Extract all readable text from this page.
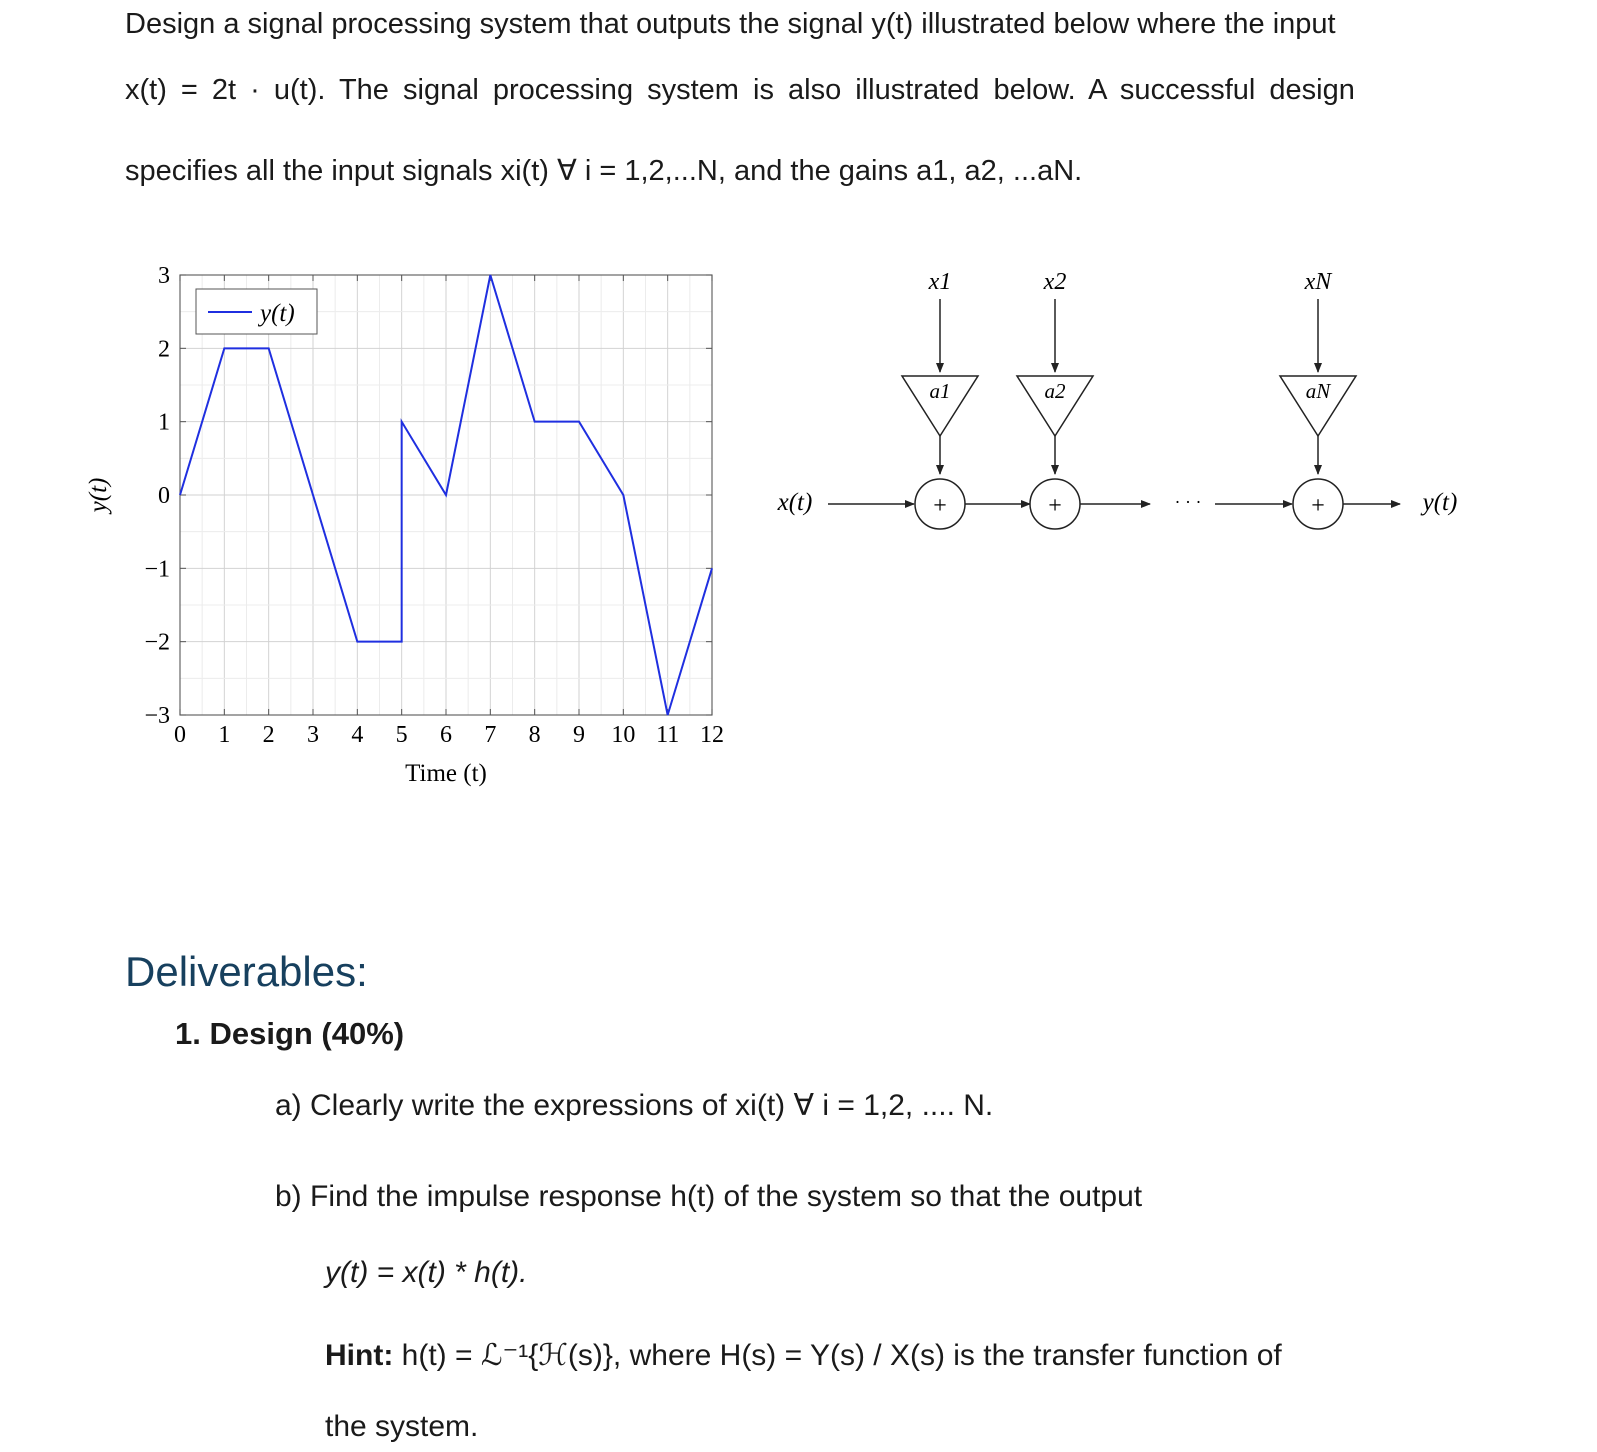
Design a signal processing system that outputs the signal y(t) illustrated below where the input
x(t) = 2t · u(t). The signal processing system is also illustrated below. A successful design
specifies all the input signals xi(t) ∀ i = 1,2,...N, and the gains a1, a2, ...aN.
0 1 2 3 4 5 6 7 8 9 10 11 12
−3
−2
−1
0
1
2
3
y(t)
Time (t)
y(t)	x(t)	y(t)
· · ·
x1
a1
+
x2
a2
+
xN
aN
+
Deliverables:
1. Design (40%)
a) Clearly write the expressions of xi(t) ∀ i = 1,2, .... N.
b) Find the impulse response h(t) of the system so that the output
y(t) = x(t) * h(t).
Hint: h(t) = ℒ⁻¹{ℋ(s)}, where H(s) = Y(s) / X(s) is the transfer function of
the system.
